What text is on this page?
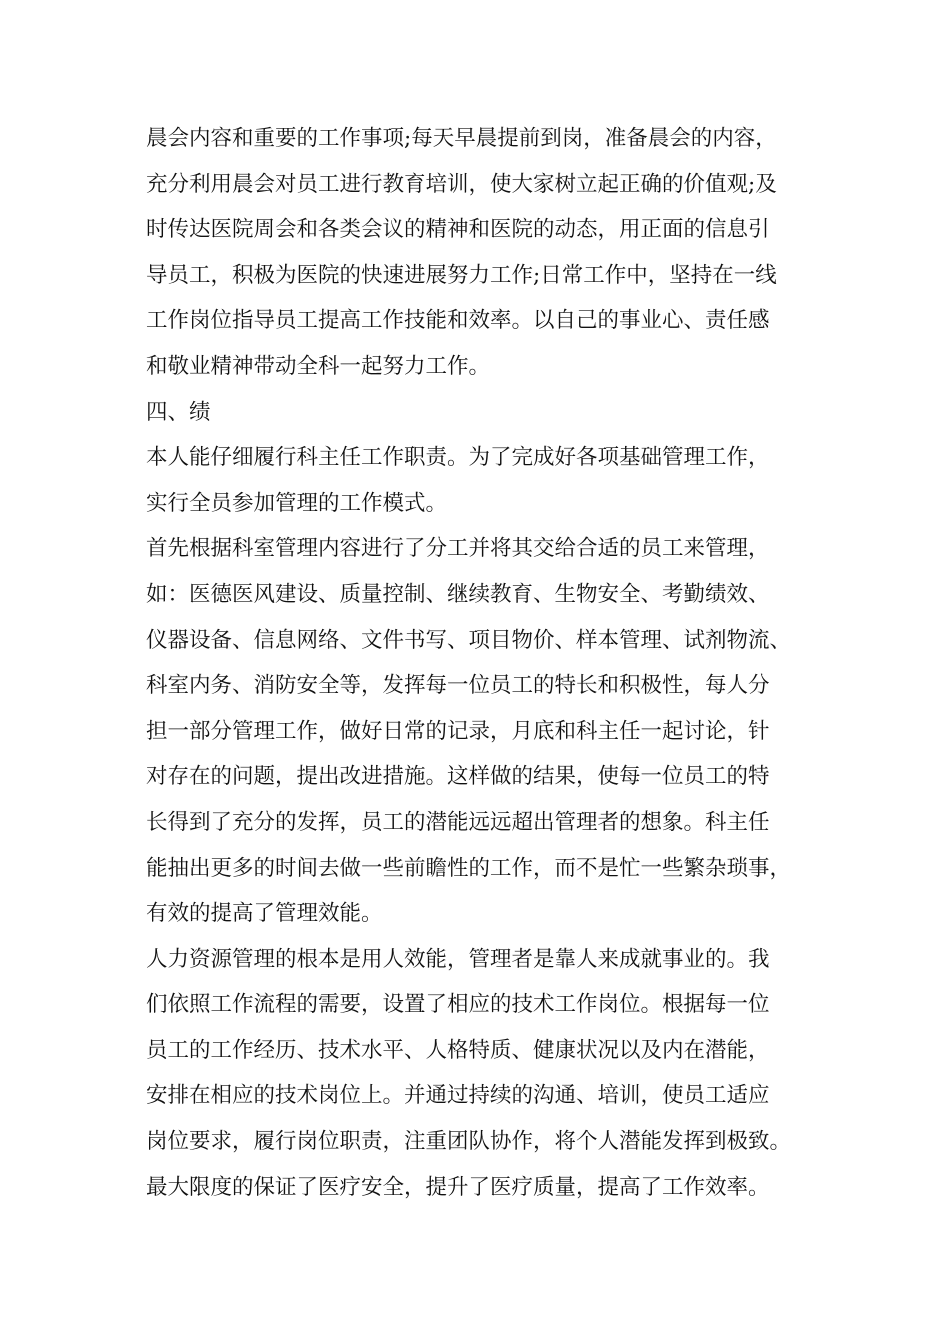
晨会内容和重要的工作事项;每天早晨提前到岗，准备晨会的内容，
充分利用晨会对员工进行教育培训，使大家树立起正确的价值观;及
时传达医院周会和各类会议的精神和医院的动态，用正面的信息引
导员工，积极为医院的快速进展努力工作;日常工作中，坚持在一线
工作岗位指导员工提高工作技能和效率。以自己的事业心、责任感
和敬业精神带动全科一起努力工作。
四、绩
本人能仔细履行科主任工作职责。为了完成好各项基础管理工作，
实行全员参加管理的工作模式。
首先根据科室管理内容进行了分工并将其交给合适的员工来管理，
如：医德医风建设、质量控制、继续教育、生物安全、考勤绩效、
仪器设备、信息网络、文件书写、项目物价、样本管理、试剂物流、
科室内务、消防安全等，发挥每一位员工的特长和积极性，每人分
担一部分管理工作，做好日常的记录，月底和科主任一起讨论，针
对存在的问题，提出改进措施。这样做的结果，使每一位员工的特
长得到了充分的发挥，员工的潜能远远超出管理者的想象。科主任
能抽出更多的时间去做一些前瞻性的工作，而不是忙一些繁杂琐事，
有效的提高了管理效能。
人力资源管理的根本是用人效能，管理者是靠人来成就事业的。我
们依照工作流程的需要，设置了相应的技术工作岗位。根据每一位
员工的工作经历、技术水平、人格特质、健康状况以及内在潜能，
安排在相应的技术岗位上。并通过持续的沟通、培训，使员工适应
岗位要求，履行岗位职责，注重团队协作，将个人潜能发挥到极致。
最大限度的保证了医疗安全，提升了医疗质量，提高了工作效率。
